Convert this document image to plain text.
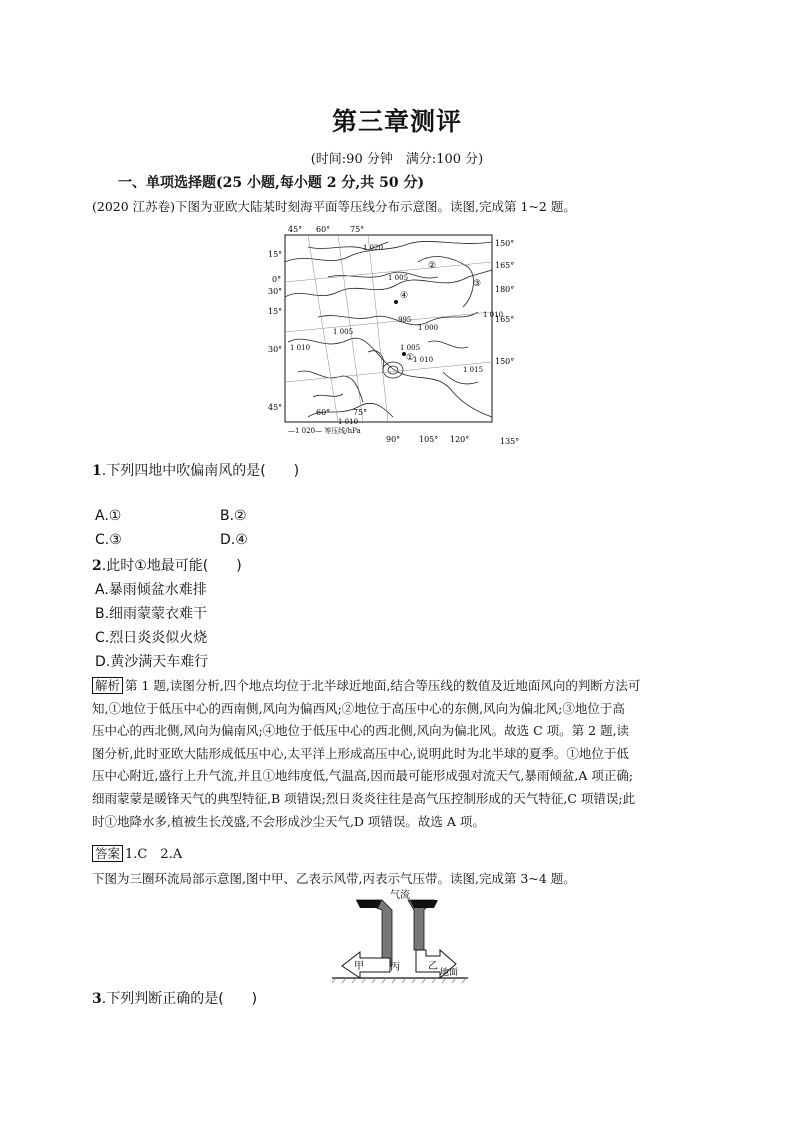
第三章测评
(时间:90 分钟　满分:100 分)
一、单项选择题(25 小题,每小题 2 分,共 50 分)
(2020 江苏卷)下图为亚欧大陆某时刻海平面等压线分布示意图。读图,完成第 1~2 题。
45° 60° 75°
15°
0°
30°
15°
30°
45°
150°
165°
180°
165°
150°
60°	75°
90° 105° 120°	135°
1 005
1 000
995
1 005
1 010
1 010
1 005
1 010
1 010
1 015
1 020
①
②
③
④
—1 020— 等压线/hPa
1.下列四地中吹偏南风的是(　　)
A.①	B.②
C.③	D.④
2.此时①地最可能(　　)
A.暴雨倾盆水难排
B.细雨蒙蒙衣难干
C.烈日炎炎似火烧
D.黄沙满天车难行
解析 第 1 题,读图分析,四个地点均位于北半球近地面,结合等压线的数值及近地面风向的判断方法可
知,①地位于低压中心的西南侧,风向为偏西风;②地位于高压中心的东侧,风向为偏北风;③地位于高
压中心的西北侧,风向为偏南风;④地位于低压中心的西北侧,风向为偏北风。故选 C 项。第 2 题,读
图分析,此时亚欧大陆形成低压中心,太平洋上形成高压中心,说明此时为北半球的夏季。①地位于低
压中心附近,盛行上升气流,并且①地纬度低,气温高,因而最可能形成强对流天气,暴雨倾盆,A 项正确;
细雨蒙蒙是暖锋天气的典型特征,B 项错误;烈日炎炎往往是高气压控制形成的天气特征,C 项错误;此
时①地降水多,植被生长茂盛,不会形成沙尘天气,D 项错误。故选 A 项。
答案 1.C　2.A
下图为三圈环流局部示意图,图中甲、乙表示风带,丙表示气压带。读图,完成第 3~4 题。
气流
甲	丙	乙
地面
3.下列判断正确的是(　　)
